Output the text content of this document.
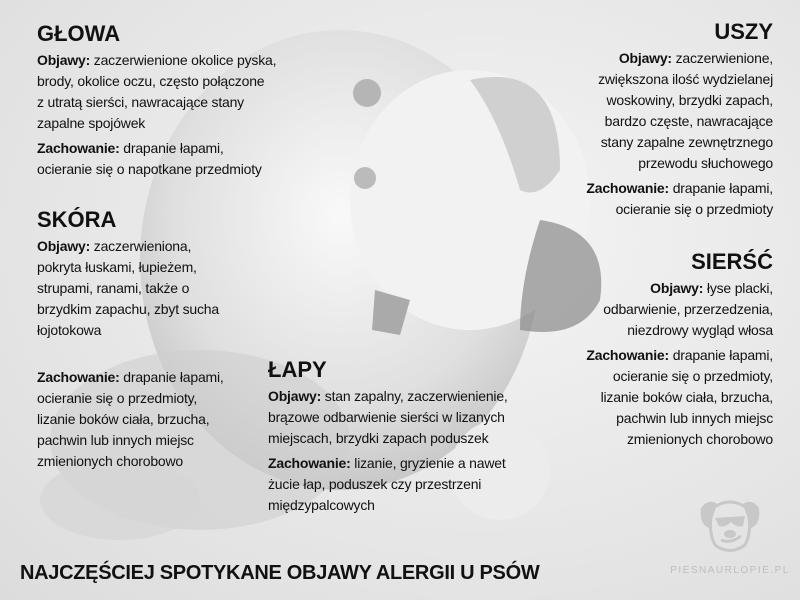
GŁOWA
Objawy: zaczerwienione okolice pyska,
brody, okolice oczu, często połączone
z utratą sierści, nawracające stany
zapalne spojówek
Zachowanie: drapanie łapami,
ocieranie się o napotkane przedmioty
SKÓRA
Objawy: zaczerwieniona,
pokryta łuskami, łupieżem,
strupami, ranami, także o
brzydkim zapachu, zbyt sucha
łojotokowa
Zachowanie: drapanie łapami,
ocieranie się o przedmioty,
lizanie boków ciała, brzucha,
pachwin lub innych miejsc
zmienionych chorobowo
ŁAPY
Objawy: stan zapalny, zaczerwienienie,
brązowe odbarwienie sierści w lizanych
miejscach, brzydki zapach poduszek
Zachowanie: lizanie, gryzienie a nawet
żucie łap, poduszek czy przestrzeni
międzypalcowych
USZY
Objawy: zaczerwienione,
zwiększona ilość wydzielanej
woskowiny, brzydki zapach,
bardzo częste, nawracające
stany zapalne zewnętrznego
przewodu słuchowego
Zachowanie: drapanie łapami,
ocieranie się o przedmioty
SIERŚĆ
Objawy: łyse placki,
odbarwienie, przerzedzenia,
niezdrowy wygląd włosa
Zachowanie: drapanie łapami,
ocieranie się o przedmioty,
lizanie boków ciała, brzucha,
pachwin lub innych miejsc
zmienionych chorobowo
NAJCZĘŚCIEJ SPOTYKANE OBJAWY ALERGII U PSÓW	PIESNAURLOPIE.PL
